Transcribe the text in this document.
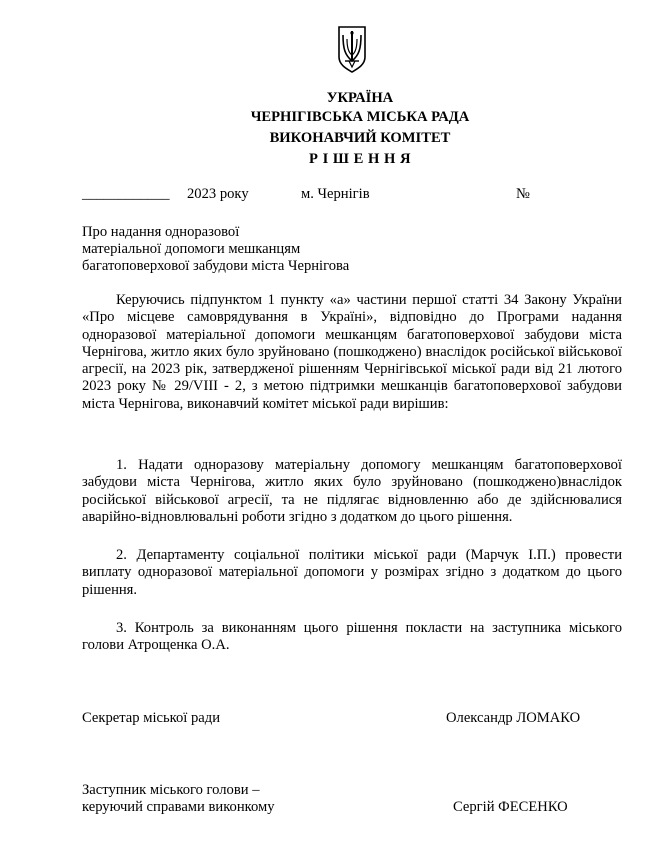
УКРАЇНА
ЧЕРНІГІВСЬКА МІСЬКА РАДА
ВИКОНАВЧИЙ КОМІТЕТ
Р І Ш Е Н Н Я
____________ 2023 року	м. Чернігів	№
Про надання одноразової
матеріальної допомоги мешканцям
багатоповерхової забудови міста Чернігова
Керуючись підпунктом 1 пункту «а» частини першої статті 34 Закону України «Про місцеве самоврядування в Україні», відповідно до Програми надання одноразової матеріальної допомоги мешканцям багатоповерхової забудови міста Чернігова, житло яких було зруйновано (пошкоджено) внаслідок російської військової агресії, на 2023 рік, затвердженої рішенням Чернігівської міської ради від 21 лютого 2023 року № 29/VIII - 2, з метою підтримки мешканців багатоповерхової забудови міста Чернігова, виконавчий комітет міської ради вирішив:
1. Надати одноразову матеріальну допомогу мешканцям багатоповерхової забудови міста Чернігова, житло яких було зруйновано (пошкоджено)внаслідок російської військової агресії, та не підлягає відновленню або де здійснювалися аварійно-відновлювальні роботи згідно з додатком до цього рішення.
2. Департаменту соціальної політики міської ради (Марчук І.П.) провести виплату одноразової матеріальної допомоги у розмірах згідно з додатком до цього рішення.
3. Контроль за виконанням цього рішення покласти на заступника міського голови Атрощенка О.А.
Секретар міської ради	Олександр ЛОМАКО
Заступник міського голови –
керуючий справами виконкому	Сергій ФЕСЕНКО
